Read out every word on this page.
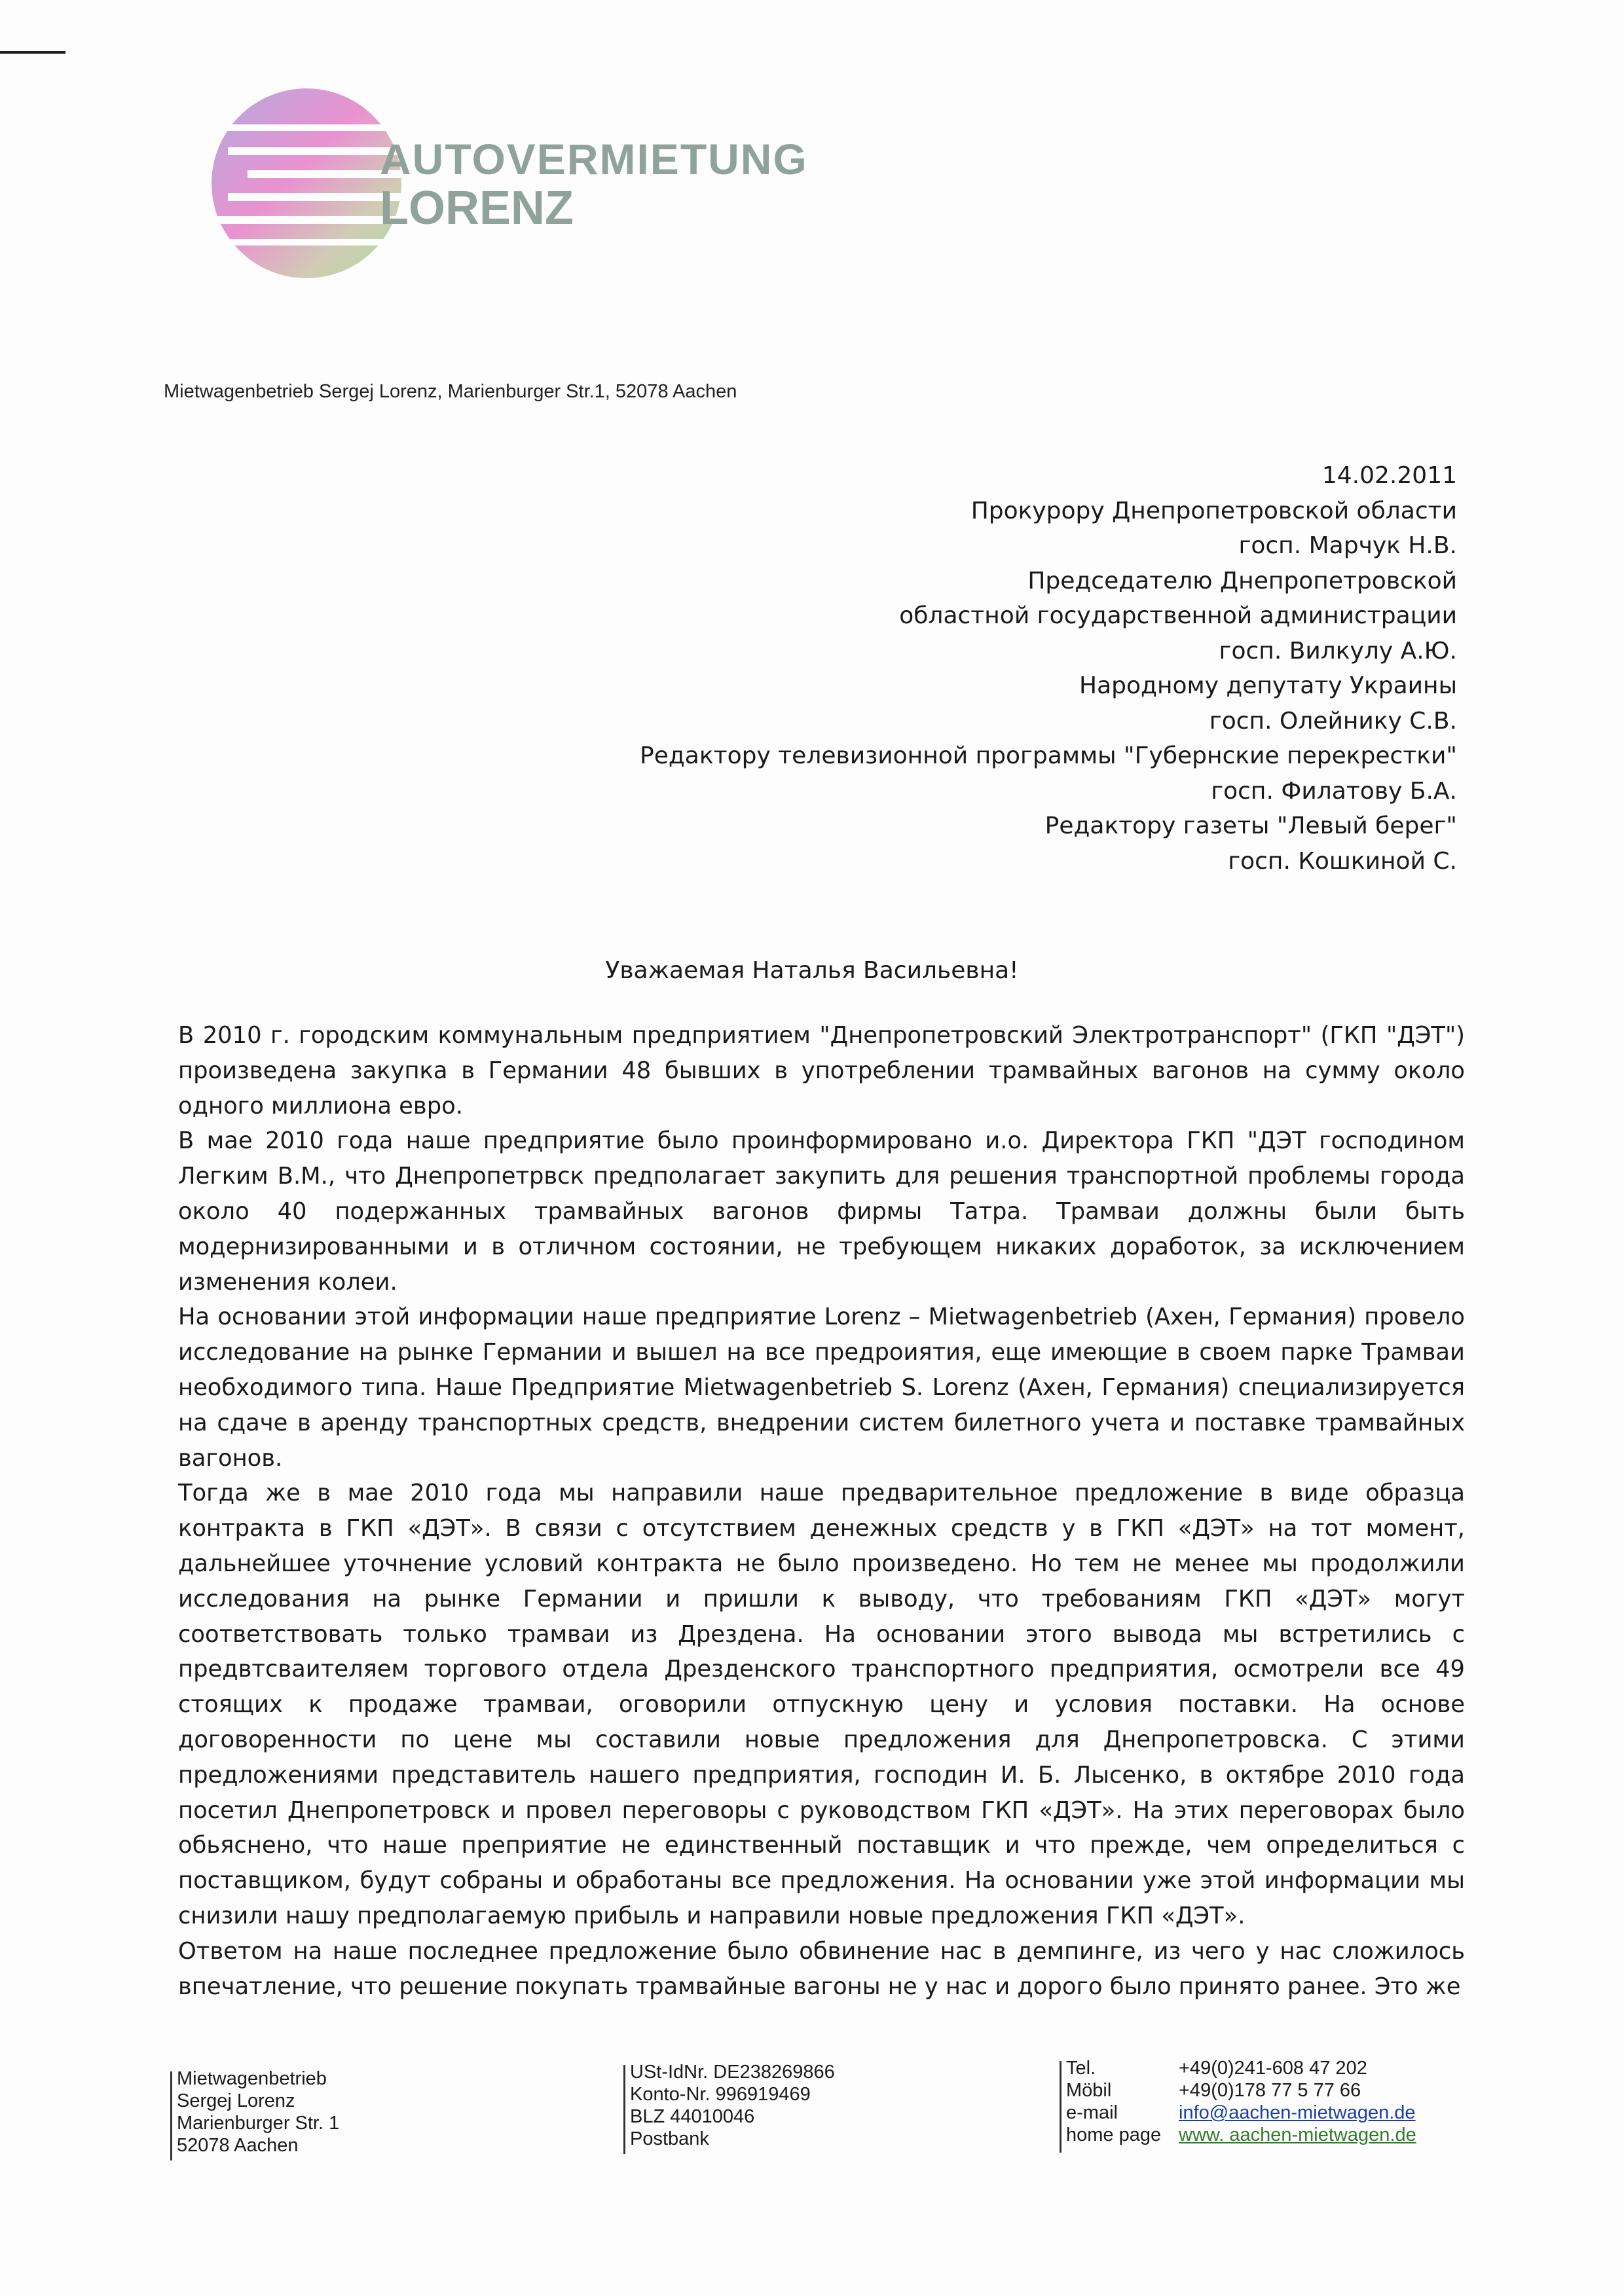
AUTOVERMIETUNG
LORENZ
Mietwagenbetrieb Sergej Lorenz, Marienburger Str.1, 52078 Aachen
14.02.2011
Прокурору Днепропетровской области
госп. Марчук Н.В.
Председателю Днепропетровской
областной государственной администрации
госп. Вилкулу А.Ю.
Народному депутату Украины
госп. Олейнику С.В.
Редактору телевизионной программы "Губернские перекрестки"
госп. Филатову Б.А.
Редактору газеты "Левый берег"
госп. Кошкиной С.
Уважаемая Наталья Васильевна!

В 2010 г. городским коммунальным предприятием "Днепропетровский Электротранспорт" (ГКП "ДЭТ") произведена закупка в Германии 48 бывших в употреблении трамвайных вагонов на сумму около одного миллиона евро.

В мае 2010 года наше предприятие было проинформировано и.о. Директора ГКП "ДЭТ господином Легким В.М., что Днепропетрвск предполагает закупить для решения транспортной проблемы города около 40 подержанных трамвайных вагонов фирмы Татра. Трамваи должны были быть модернизированными и в отличном состоянии, не требующем никаких доработок, за исключением изменения колеи.

На основании этой информации наше предприятие Lorenz – Mietwagenbetrieb (Ахен, Германия) провело исследование на рынке Германии и вышел на все предроиятия, еще имеющие в своем парке Трамваи необходимого типа. Наше Предприятие Mietwagenbetrieb S. Lorenz (Ахен, Германия) специализируется на сдаче в аренду транспортных средств, внедрении систем билетного учета и поставке трамвайных вагонов.

Тогда же в мае 2010 года мы направили наше предварительное предложение в виде образца контракта в ГКП «ДЭТ». В связи с отсутствием денежных средств у в ГКП «ДЭТ» на тот момент, дальнейшее уточнение условий контракта не было произведено. Но тем не менее мы продолжили исследования на рынке Германии и пришли к выводу, что требованиям ГКП «ДЭТ» могут соответствовать только трамваи из Дрездена. На основании этого вывода мы встретились с предвтсваителяем торгового отдела Дрезденского транспортного предприятия, осмотрели все 49 стоящих к продаже трамваи, оговорили отпускную цену и условия поставки. На основе договоренности по цене мы составили новые предложения для Днепропетровска. С этими предложениями представитель нашего предприятия, господин И. Б. Лысенко, в октябре 2010 года посетил Днепропетровск и провел переговоры с руководством ГКП «ДЭТ». На этих переговорах было обьяснено, что наше преприятие не единственный поставщик и что прежде, чем определиться с поставщиком, будут собраны и обработаны все предложения. На основании уже этой информации мы снизили нашу предполагаемую прибыль и направили новые предложения ГКП «ДЭТ».

Ответом на наше последнее предложение было обвинение нас в демпинге, из чего у нас сложилось впечатление, что решение покупать трамвайные вагоны не у нас и дорого было принято ранее. Это же

Mietwagenbetrieb
Sergej Lorenz
Marienburger Str. 1
52078 Aachen
USt-IdNr. DE238269866
Konto-Nr. 996919469
BLZ 44010046
Postbank
Tel.	+49(0)241-608 47 202
Möbil	+49(0)178 77 5 77 66
e-mail	info@aachen-mietwagen.de
home page www. aachen-mietwagen.de
